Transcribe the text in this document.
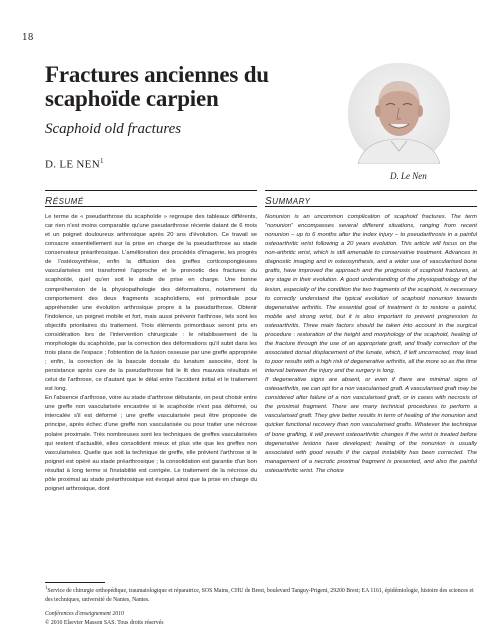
18
Fractures anciennes du scaphoïde carpien
Scaphoid old fractures
D. LE NEN$^1$
D. Le Nen
RÉSUMÉ	SUMMARY

Le terme de « pseudarthrose du scaphoïde » regroupe des tableaux différents, car rien n'est moins comparable qu'une pseudarthrose récente datant de 6 mois et un poignet douloureux arthrosique après 20 ans d'évolution. Ce travail se consacre essentiellement sur la prise en charge de la pseudarthrose au stade conservateur préarthrosique. L'amélioration des procédés d'imagerie, les progrès de l'ostéosynthèse, enfin la diffusion des greffes corticospongieuses vascularisées ont transformé l'approche et le pronostic des fractures du scaphoïde, quel qu'en soit le stade de prise en charge. Une bonne compréhension de la physiopathologie des déformations, notamment du comportement des deux fragments scaphoïdiens, est primordiale pour appréhender une évolution arthrosique propre à la pseudarthrose. Obtenir l'indolence, un poignet mobile et fort, mais aussi prévenir l'arthrose, tels sont les objectifs prioritaires du traitement. Trois éléments primordiaux seront pris en considération lors de l'intervention chirurgicale : le rétablissement de la morphologie du scaphoïde, par la correction des déformations qu'il subit dans les trois plans de l'espace ; l'obtention de la fusion osseuse par une greffe appropriée ; enfin, la correction de la bascule dorsale du lunatum associée, dont la persistance après cure de la pseudarthrose fait le lit des mauvais résultats et celui de l'arthrose, ce d'autant que le délai entre l'accident initial et le traitement est long.

En l'absence d'arthrose, voire au stade d'arthrose débutante, on peut choisir entre une greffe non vascularisée encastrée si le scaphoïde n'est pas déformé, ou intercalée s'il est déformé ; une greffe vascularisée peut être proposée de principe, après échec d'une greffe non vascularisée ou pour traiter une nécrose polaire proximale. Très nombreuses sont les techniques de greffes vascularisées qui restent d'actualité, elles consolident mieux et plus vite que les greffes non vascularisées. Quelle que soit la technique de greffe, elle prévient l'arthrose si le poignet est opéré au stade préarthrosique ; la consolidation est garantie d'un bon résultat à long terme si l'instabilité est corrigée. Le traitement de la nécrose du pôle proximal au stade préarthrosique est évoqué ainsi que la prise en charge du poignet arthrosique, dont

Nonunion is an uncommon complication of scaphoid fractures. The term “nonunion” encompasses several different situations, ranging from recent nonunion – up to 6 months after the index injury – to pseudarthrosis in a painful osteoarthritic wrist following a 20 years evolution. This article will focus on the non-arthritic wrist, which is still amenable to conservative treatment. Advances in diagnostic imaging and in osteosynthesis, and a wider use of vascularised bone grafts, have improved the approach and the prognosis of scaphoid fractures, at any stage in their evolution. A good understanding of the physiopathology of the lesion, especially of the condition the two fragments of the scaphoid, is necessary to correctly understand the typical evolution of scaphoid nonunion towards degenerative arthritis. The essential goal of treatment is to restore a painful, mobile and strong wrist, but it is also important to prevent progression to osteoarthritis. Three main factors should be taken into account in the surgical procedure : restoration of the height and morphology of the scaphoid, healing of the fracture through the use of an appropriate graft, and finally correction of the associated dorsal displacement of the lunate, which, if left uncorrected, may lead to poor results with a high risk of degenerative arthritis, all the more so as the time interval between the injury and the surgery is long.

If degenerative signs are absent, or even if there are minimal signs of osteoarthritis, we can opt for a non vascularised graft. A vascularised graft may be considered after failure of a non vascularised graft, or in cases with necrosis of the proximal fragment. There are many technical procedures to perform a vascularised graft. They give better results in term of healing of the nonunion and quicker functional recovery than non vascularised grafts. Whatever the technique of bone grafting, it will prevent osteoarthritic changes if the wrist is treated before degenerative lesions have developed; healing of the nonunion is usually associated with good results if the carpal instability has been corrected. The management of a necrotic proximal fragment is presented, and also the painful osteoarthritic wrist. The choice

$^1$Service de chirurgie orthopédique, traumatologique et réparatrice, SOS Mains, CHU de Brest, boulevard Tanguy-Prigent, 29200 Brest; EA 1161, épidémiologie, histoire des sciences et des techniques, université de Nantes, Nantes.
Conférences d'enseignement 2010
© 2010 Elsevier Masson SAS. Tous droits réservés
